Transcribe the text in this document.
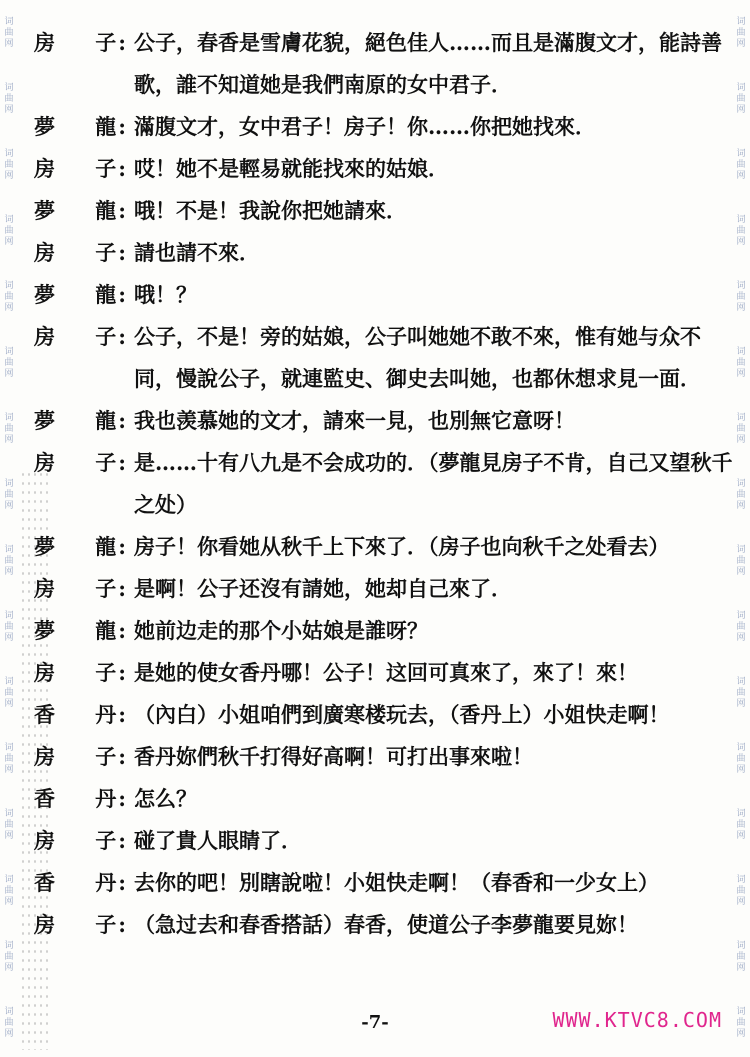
词
曲
网
词
曲
网
词
曲
网
词
曲
网
词
曲
网
词
曲
网
词
曲
网
词
曲
网
词
曲
网
词
曲
网
词
曲
网
词
曲
网
词
曲
网
词
曲
网
词
曲
网
词
曲
网
词
曲
网
词
曲
网
词
曲
网
词
曲
网
词
曲
网
词
曲
网
词
曲
网
词
曲
网
词
曲
网
词
曲
网
词
曲
网
词
曲
网
词
曲
网
词
曲
网
词
曲
网
词
曲
网
房 子 : 公子，春香是雪膚花貌，絕色佳人……而且是滿腹文才，能詩善歌，誰不知道她是我們南原的女中君子．
夢 龍 : 滿腹文才，女中君子！房子！你……你把她找來．
房 子 : 哎！她不是輕易就能找來的姑娘．
夢 龍 : 哦！不是！我說你把她請來．
房 子 : 請也請不來．
夢 龍 : 哦！？
房 子 : 公子，不是！旁的姑娘，公子叫她她不敢不來，惟有她与众不同，慢說公子，就連監史、御史去叫她，也都休想求見一面．
夢 龍 : 我也羡慕她的文才，請來一見，也別無它意呀！
房 子 : 是……十有八九是不会成功的．（夢龍見房子不肯，自己又望秋千之处）
夢 龍 : 房子！你看她从秋千上下來了．（房子也向秋千之处看去）
房 子 : 是啊！公子还沒有請她，她却自己來了．
夢 龍 : 她前边走的那个小姑娘是誰呀？
房 子 : 是她的使女香丹哪！公子！这回可真來了，來了！來！
香 丹 : （內白）小姐咱們到廣寒楼玩去，（香丹上）小姐快走啊！
房 子 : 香丹妳們秋千打得好高啊！可打出事來啦！
香 丹 : 怎么？
房 子 : 碰了貴人眼睛了．
香 丹 : 去你的吧！別瞎說啦！小姐快走啊！（春香和一少女上）
房 子 : （急过去和春香搭話）春香，使道公子李夢龍要見妳！
-7-	WWW.KTVC8.COM
